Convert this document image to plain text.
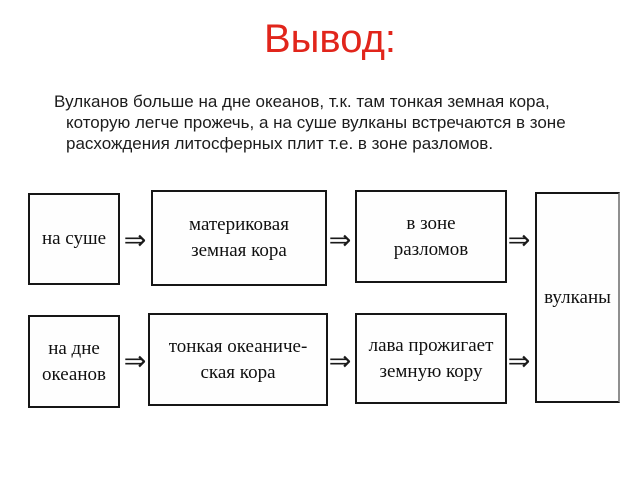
Вывод:
Вулканов больше на дне океанов, т.к. там тонкая земная кора,
которую легче прожечь, а на суше вулканы встречаются в зоне
расхождения литосферных плит т.е. в зоне разломов.
на суше ⇒
материковая
земная кора ⇒
в зоне
разломов ⇒
вулканы
на дне
океанов ⇒ тонкая океаниче-
ская кора ⇒
лава прожигает
земную кору ⇒
